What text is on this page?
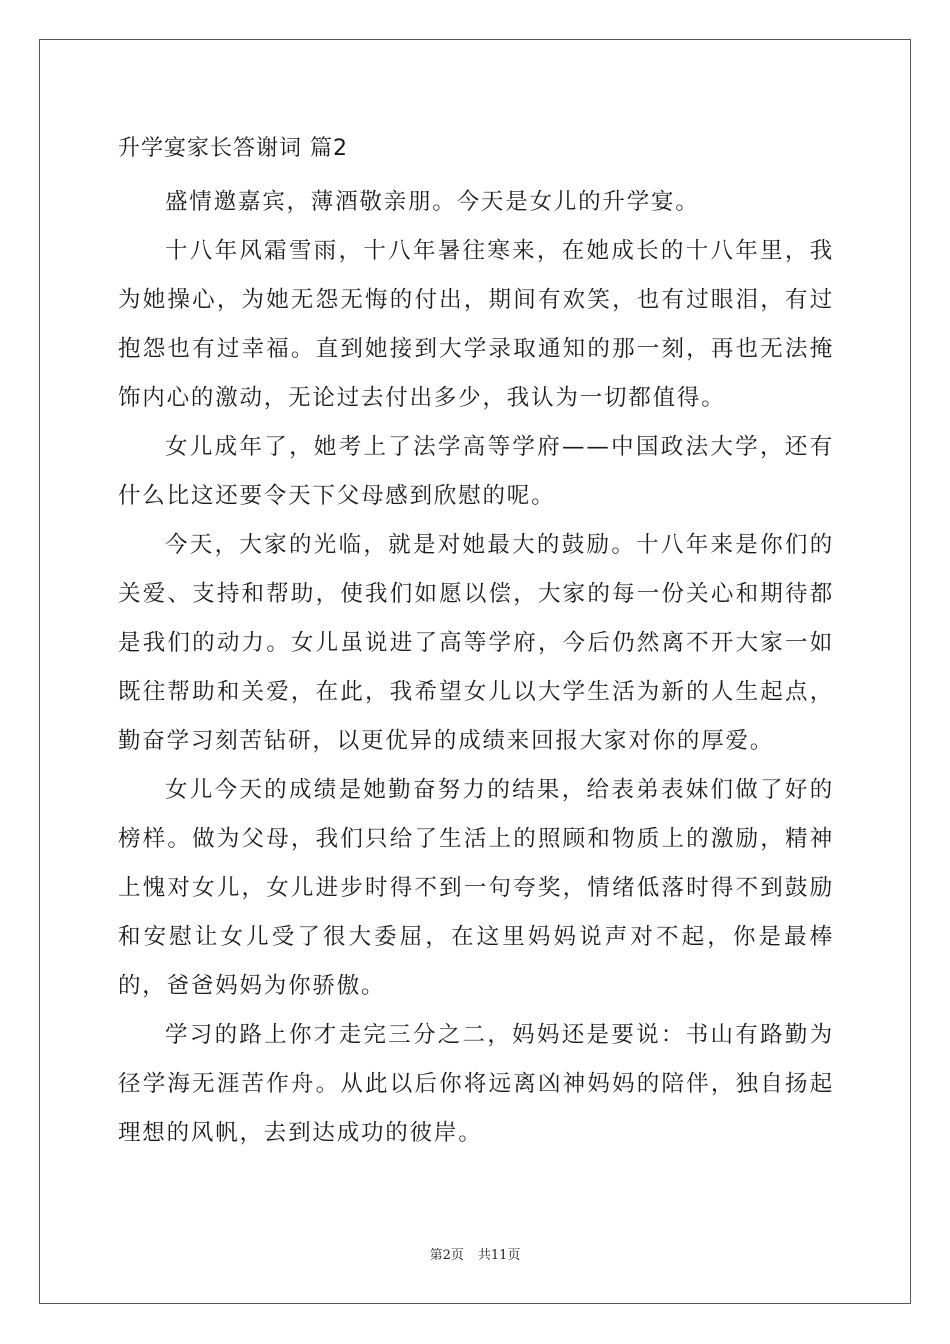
升学宴家长答谢词 篇2

盛情邀嘉宾，薄酒敬亲朋。今天是女儿的升学宴。

十八年风霜雪雨，十八年暑往寒来，在她成长的十八年里，我为她操心，为她无怨无悔的付出，期间有欢笑，也有过眼泪，有过抱怨也有过幸福。直到她接到大学录取通知的那一刻，再也无法掩饰内心的激动，无论过去付出多少，我认为一切都值得。

女儿成年了，她考上了法学高等学府——中国政法大学，还有什么比这还要令天下父母感到欣慰的呢。

今天，大家的光临，就是对她最大的鼓励。十八年来是你们的关爱、支持和帮助，使我们如愿以偿，大家的每一份关心和期待都是我们的动力。女儿虽说进了高等学府，今后仍然离不开大家一如既往帮助和关爱，在此，我希望女儿以大学生活为新的人生起点，勤奋学习刻苦钻研，以更优异的成绩来回报大家对你的厚爱。

女儿今天的成绩是她勤奋努力的结果，给表弟表妹们做了好的榜样。做为父母，我们只给了生活上的照顾和物质上的激励，精神上愧对女儿，女儿进步时得不到一句夸奖，情绪低落时得不到鼓励和安慰让女儿受了很大委屈，在这里妈妈说声对不起，你是最棒的，爸爸妈妈为你骄傲。

学习的路上你才走完三分之二，妈妈还是要说：书山有路勤为径学海无涯苦作舟。从此以后你将远离凶神妈妈的陪伴，独自扬起理想的风帆，去到达成功的彼岸。

第2页 共11页
